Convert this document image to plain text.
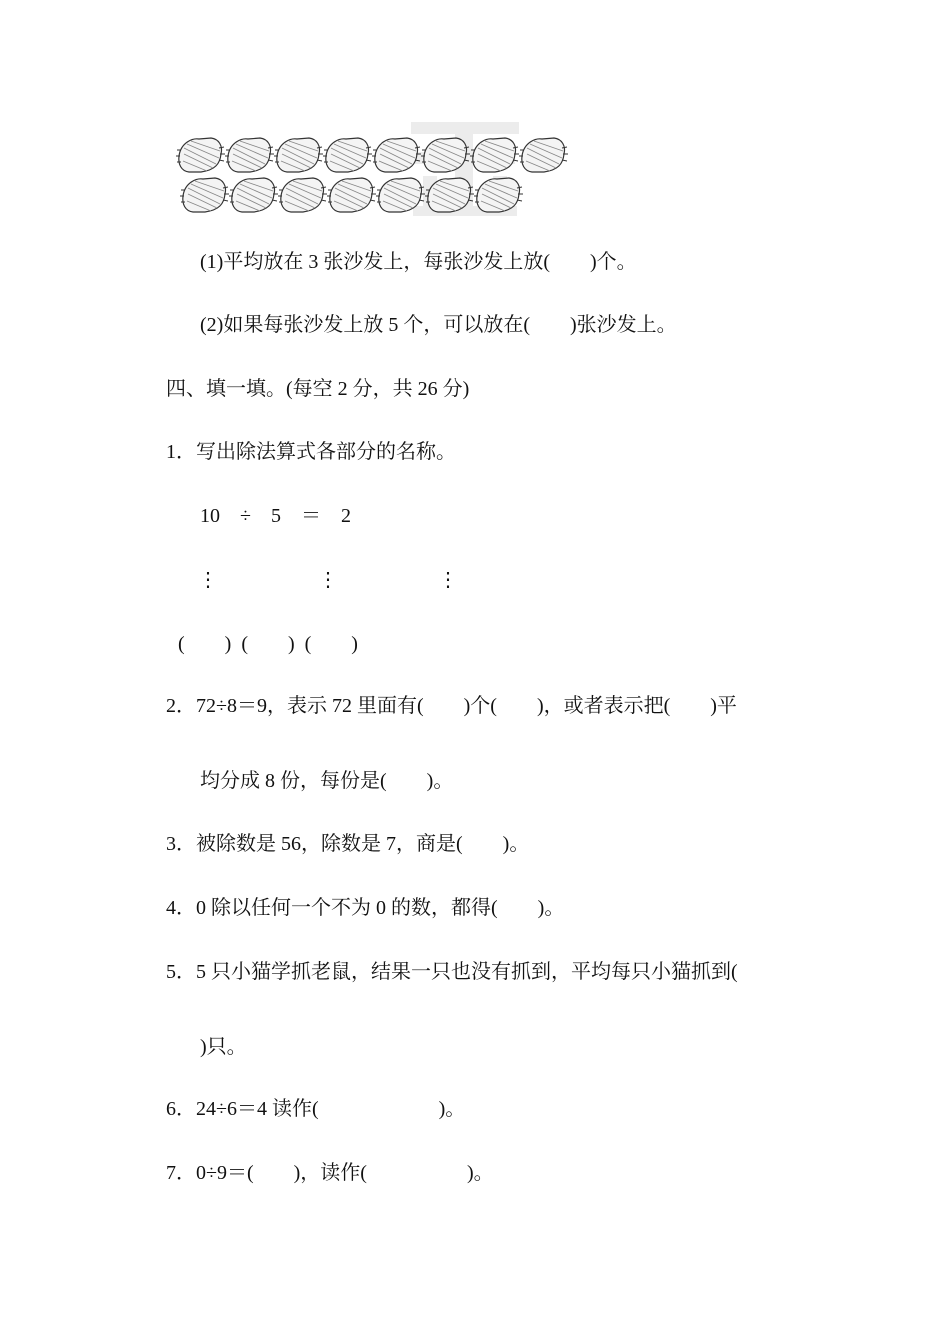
(1)平均放在 3 张沙发上，每张沙发上放(　　)个。
(2)如果每张沙发上放 5 个，可以放在(　　)张沙发上。
四、填一填。(每空 2 分，共 26 分)
1．写出除法算式各部分的名称。
10　÷　5　＝　2
⋮　　　　　⋮　　　　　⋮
(　　)  (　　)  (　　)
2．72÷8＝9，表示 72 里面有(　　)个(　　)，或者表示把(　　)平
均分成 8 份，每份是(　　)。
3．被除数是 56，除数是 7，商是(　　)。
4．0 除以任何一个不为 0 的数，都得(　　)。
5．5 只小猫学抓老鼠，结果一只也没有抓到，平均每只小猫抓到(
)只。
6．24÷6＝4 读作(　　　　　　)。
7．0÷9＝(　　)，读作(　　　　　)。
